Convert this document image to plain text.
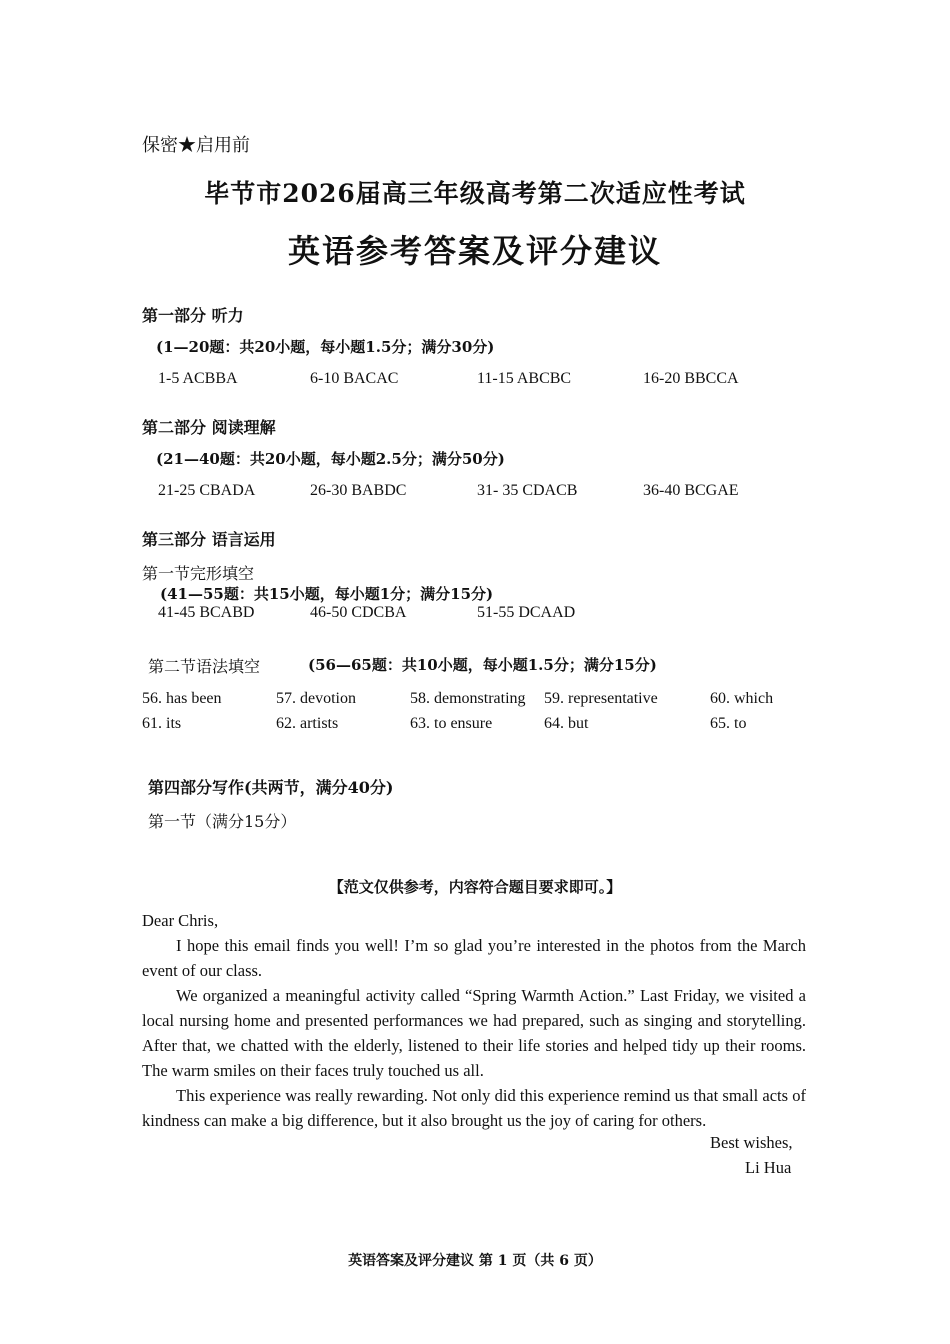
保密★启用前
毕节市2026届高三年级高考第二次适应性考试
英语参考答案及评分建议
第一部分 听力
(1—20题：共20小题，每小题1.5分；满分30分)
1-5 ACBBA	6-10 BACAC	11-15 ABCBC	16-20 BBCCA
第二部分 阅读理解
(21—40题：共20小题，每小题2.5分；满分50分)
21-25 CBADA	26-30 BABDC	31- 35 CDACB	36-40 BCGAE
第三部分 语言运用
第一节完形填空
(41—55题：共15小题，每小题1分；满分15分)
41-45 BCABD	46-50 CDCBA	51-55 DCAAD
第二节语法填空	(56—65题：共10小题，每小题1.5分；满分15分)
56. has been	57. devotion	58. demonstrating 59. representative	60. which
61. its	62. artists	63. to ensure	64. but	65. to
第四部分写作(共两节，满分40分)
第一节（满分15分）
【范文仅供参考，内容符合题目要求即可。】

Dear Chris,

I hope this email finds you well! I’m so glad you’re interested in the photos from the March event of our class.

We organized a meaningful activity called “Spring Warmth Action.” Last Friday, we visited a local nursing home and presented performances we had prepared, such as singing and storytelling. After that, we chatted with the elderly, listened to their life stories and helped tidy up their rooms. The warm smiles on their faces truly touched us all.

This experience was really rewarding. Not only did this experience remind us that small acts of kindness can make a big difference, but it also brought us the joy of caring for others.

Best wishes,
Li Hua
英语答案及评分建议 第 1 页（共 6 页）
